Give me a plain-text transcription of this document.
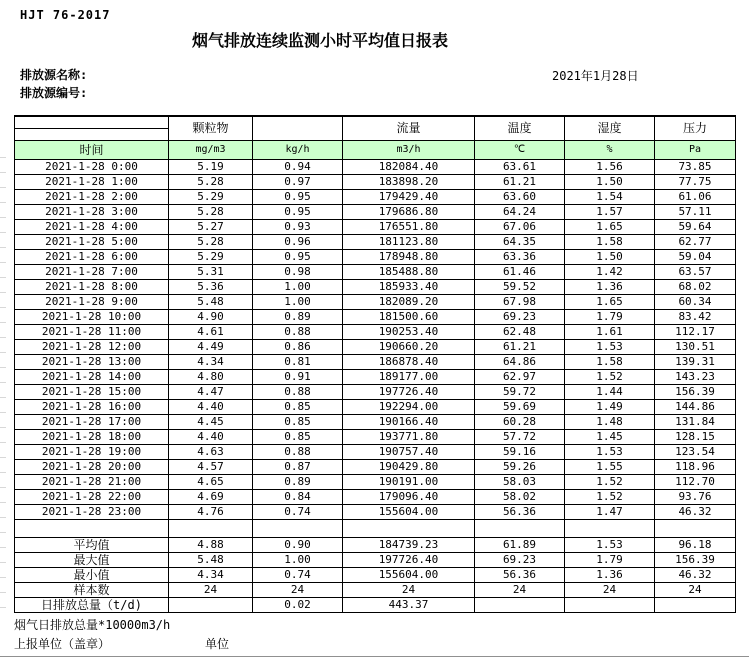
HJT 76-2017
烟气排放连续监测小时平均值日报表
排放源名称:
排放源编号:
2021年1月28日
	颗粒物		流量	温度	湿度	压力

时间	mg/m3	kg/h	m3/h	℃	%	Pa
2021-1-28 0:00	5.19	0.94	182084.40	63.61	1.56	73.85
2021-1-28 1:00	5.28	0.97	183898.20	61.21	1.50	77.75
2021-1-28 2:00	5.29	0.95	179429.40	63.60	1.54	61.06
2021-1-28 3:00	5.28	0.95	179686.80	64.24	1.57	57.11
2021-1-28 4:00	5.27	0.93	176551.80	67.06	1.65	59.64
2021-1-28 5:00	5.28	0.96	181123.80	64.35	1.58	62.77
2021-1-28 6:00	5.29	0.95	178948.80	63.36	1.50	59.04
2021-1-28 7:00	5.31	0.98	185488.80	61.46	1.42	63.57
2021-1-28 8:00	5.36	1.00	185933.40	59.52	1.36	68.02
2021-1-28 9:00	5.48	1.00	182089.20	67.98	1.65	60.34
2021-1-28 10:00	4.90	0.89	181500.60	69.23	1.79	83.42
2021-1-28 11:00	4.61	0.88	190253.40	62.48	1.61	112.17
2021-1-28 12:00	4.49	0.86	190660.20	61.21	1.53	130.51
2021-1-28 13:00	4.34	0.81	186878.40	64.86	1.58	139.31
2021-1-28 14:00	4.80	0.91	189177.00	62.97	1.52	143.23
2021-1-28 15:00	4.47	0.88	197726.40	59.72	1.44	156.39
2021-1-28 16:00	4.40	0.85	192294.00	59.69	1.49	144.86
2021-1-28 17:00	4.45	0.85	190166.40	60.28	1.48	131.84
2021-1-28 18:00	4.40	0.85	193771.80	57.72	1.45	128.15
2021-1-28 19:00	4.63	0.88	190757.40	59.16	1.53	123.54
2021-1-28 20:00	4.57	0.87	190429.80	59.26	1.55	118.96
2021-1-28 21:00	4.65	0.89	190191.00	58.03	1.52	112.70
2021-1-28 22:00	4.69	0.84	179096.40	58.02	1.52	93.76
2021-1-28 23:00	4.76	0.74	155604.00	56.36	1.47	46.32

平均值	4.88	0.90	184739.23	61.89	1.53	96.18
最大值	5.48	1.00	197726.40	69.23	1.79	156.39
最小值	4.34	0.74	155604.00	56.36	1.36	46.32
样本数	24	24	24	24	24	24
日排放总量（t/d)		0.02	443.37			
烟气日排放总量*10000m3/h
上报单位（盖章）	单位
